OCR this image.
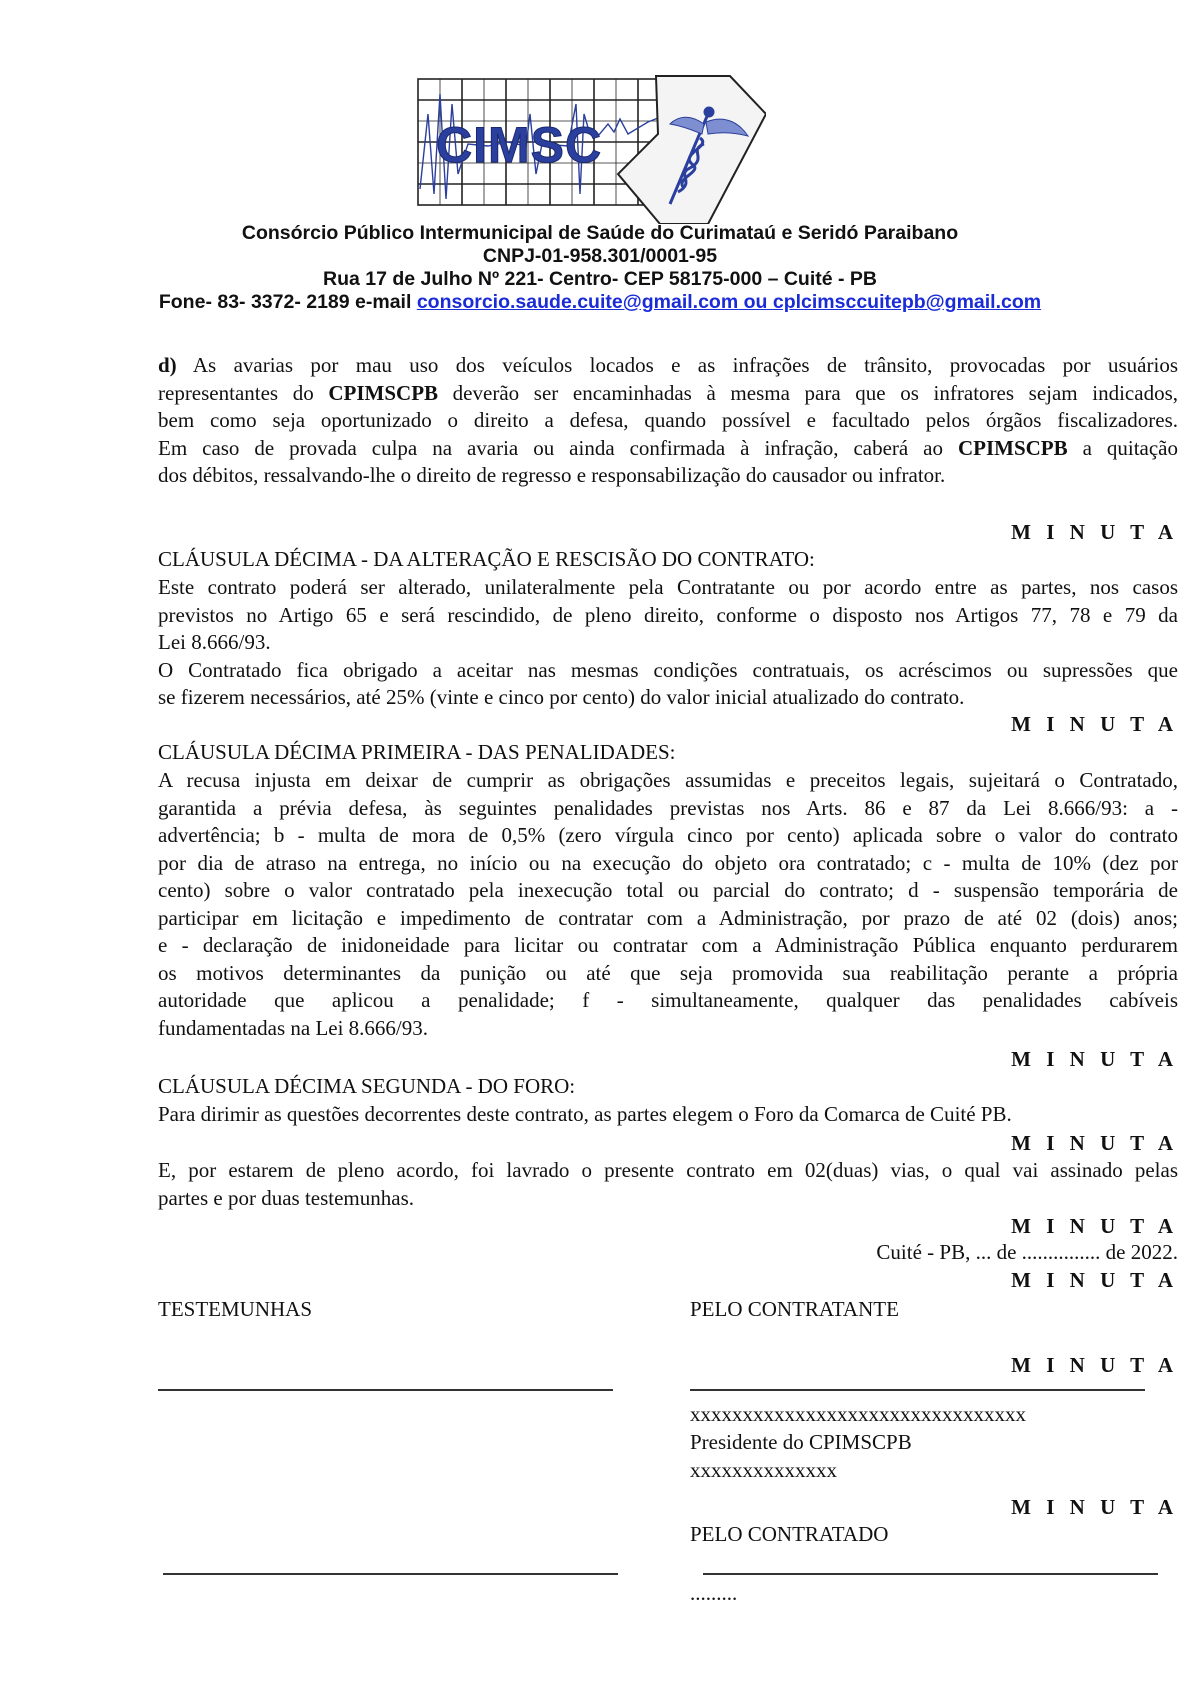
CIMSC
Consórcio Público Intermunicipal de Saúde do Curimataú e Seridó Paraibano
CNPJ-01-958.301/0001-95
Rua 17 de Julho Nº 221- Centro- CEP 58175-000 – Cuité - PB
Fone- 83- 3372- 2189 e-mail consorcio.saude.cuite@gmail.com ou cplcimsccuitepb@gmail.com
d) As avarias por mau uso dos veículos locados e as infrações de trânsito, provocadas por usuários
representantes do CPIMSCPB deverão ser encaminhadas à mesma para que os infratores sejam indicados,
bem como seja oportunizado o direito a defesa, quando possível e facultado pelos órgãos fiscalizadores.
Em caso de provada culpa na avaria ou ainda confirmada à infração, caberá ao CPIMSCPB a quitação
dos débitos, ressalvando-lhe o direito de regresso e responsabilização do causador ou infrator.
M I N U T A
CLÁUSULA DÉCIMA - DA ALTERAÇÃO E RESCISÃO DO CONTRATO:
Este contrato poderá ser alterado, unilateralmente pela Contratante ou por acordo entre as partes, nos casos
previstos no Artigo 65 e será rescindido, de pleno direito, conforme o disposto nos Artigos 77, 78 e 79 da
Lei 8.666/93.
O Contratado fica obrigado a aceitar nas mesmas condições contratuais, os acréscimos ou supressões que
se fizerem necessários, até 25% (vinte e cinco por cento) do valor inicial atualizado do contrato.
M I N U T A
CLÁUSULA DÉCIMA PRIMEIRA - DAS PENALIDADES:
A recusa injusta em deixar de cumprir as obrigações assumidas e preceitos legais, sujeitará o Contratado,
garantida a prévia defesa, às seguintes penalidades previstas nos Arts. 86 e 87 da Lei 8.666/93: a -
advertência; b - multa de mora de 0,5% (zero vírgula cinco por cento) aplicada sobre o valor do contrato
por dia de atraso na entrega, no início ou na execução do objeto ora contratado; c - multa de 10% (dez por
cento) sobre o valor contratado pela inexecução total ou parcial do contrato; d - suspensão temporária de
participar em licitação e impedimento de contratar com a Administração, por prazo de até 02 (dois) anos;
e - declaração de inidoneidade para licitar ou contratar com a Administração Pública enquanto perdurarem
os motivos determinantes da punição ou até que seja promovida sua reabilitação perante a própria
autoridade que aplicou a penalidade; f - simultaneamente, qualquer das penalidades cabíveis
fundamentadas na Lei 8.666/93.
M I N U T A
CLÁUSULA DÉCIMA SEGUNDA - DO FORO:
Para dirimir as questões decorrentes deste contrato, as partes elegem o Foro da Comarca de Cuité PB.
M I N U T A
E, por estarem de pleno acordo, foi lavrado o presente contrato em 02(duas) vias, o qual vai assinado pelas
partes e por duas testemunhas.
M I N U T A
Cuité - PB, ... de ............... de 2022.
M I N U T A
TESTEMUNHAS	PELO CONTRATANTE
M I N U T A
xxxxxxxxxxxxxxxxxxxxxxxxxxxxxxxx
Presidente do CPIMSCPB
xxxxxxxxxxxxxx
M I N U T A
PELO CONTRATADO
.........
